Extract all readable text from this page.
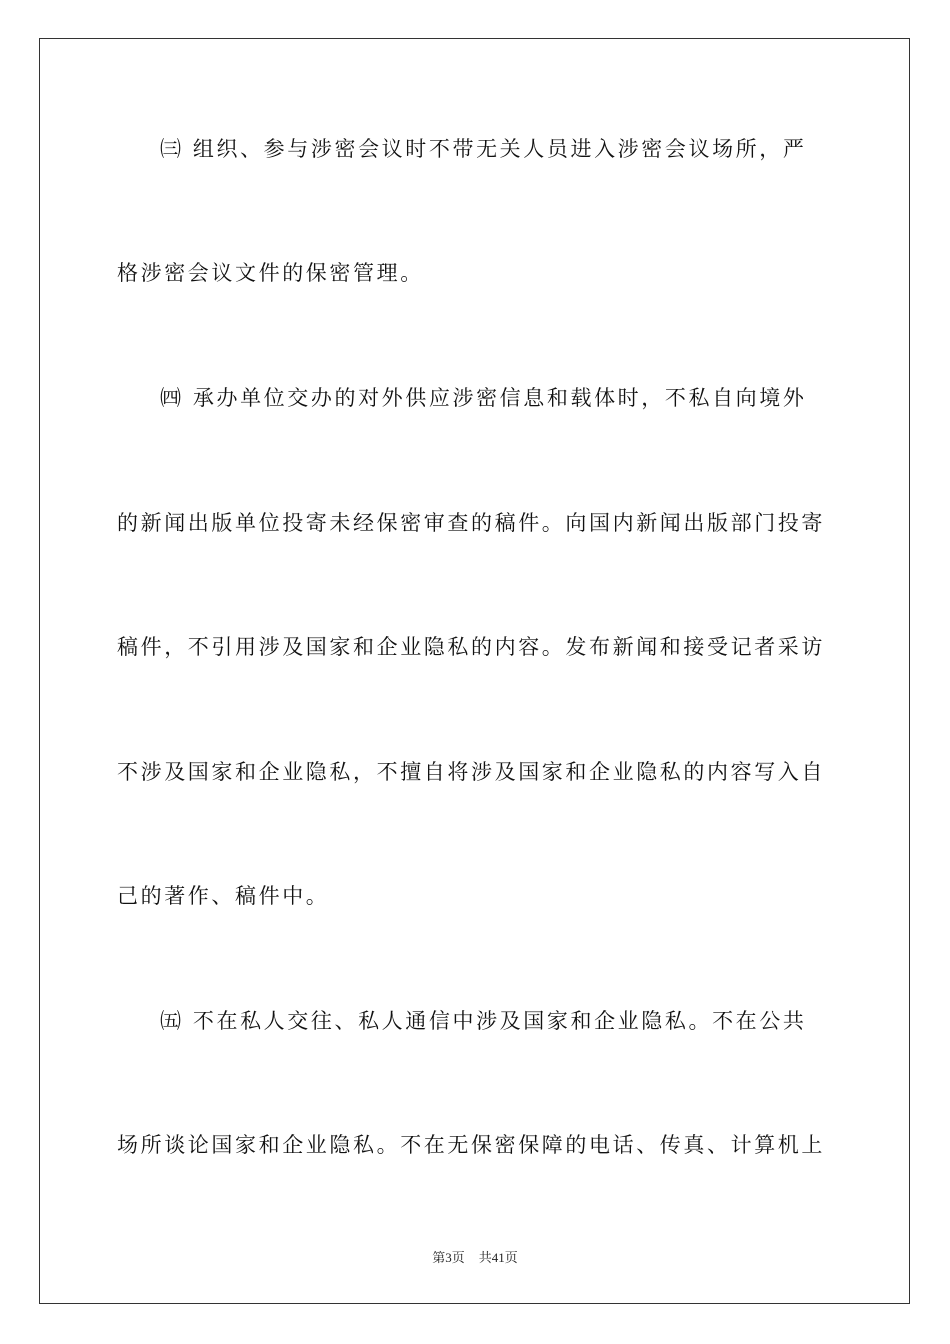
㈢ 组织、参与涉密会议时不带无关人员进入涉密会议场所，严
格涉密会议文件的保密管理。
㈣ 承办单位交办的对外供应涉密信息和载体时，不私自向境外
的新闻出版单位投寄未经保密审查的稿件。向国内新闻出版部门投寄
稿件，不引用涉及国家和企业隐私的内容。发布新闻和接受记者采访
不涉及国家和企业隐私，不擅自将涉及国家和企业隐私的内容写入自
己的著作、稿件中。
㈤ 不在私人交往、私人通信中涉及国家和企业隐私。不在公共
场所谈论国家和企业隐私。不在无保密保障的电话、传真、计算机上
第3页 共41页
